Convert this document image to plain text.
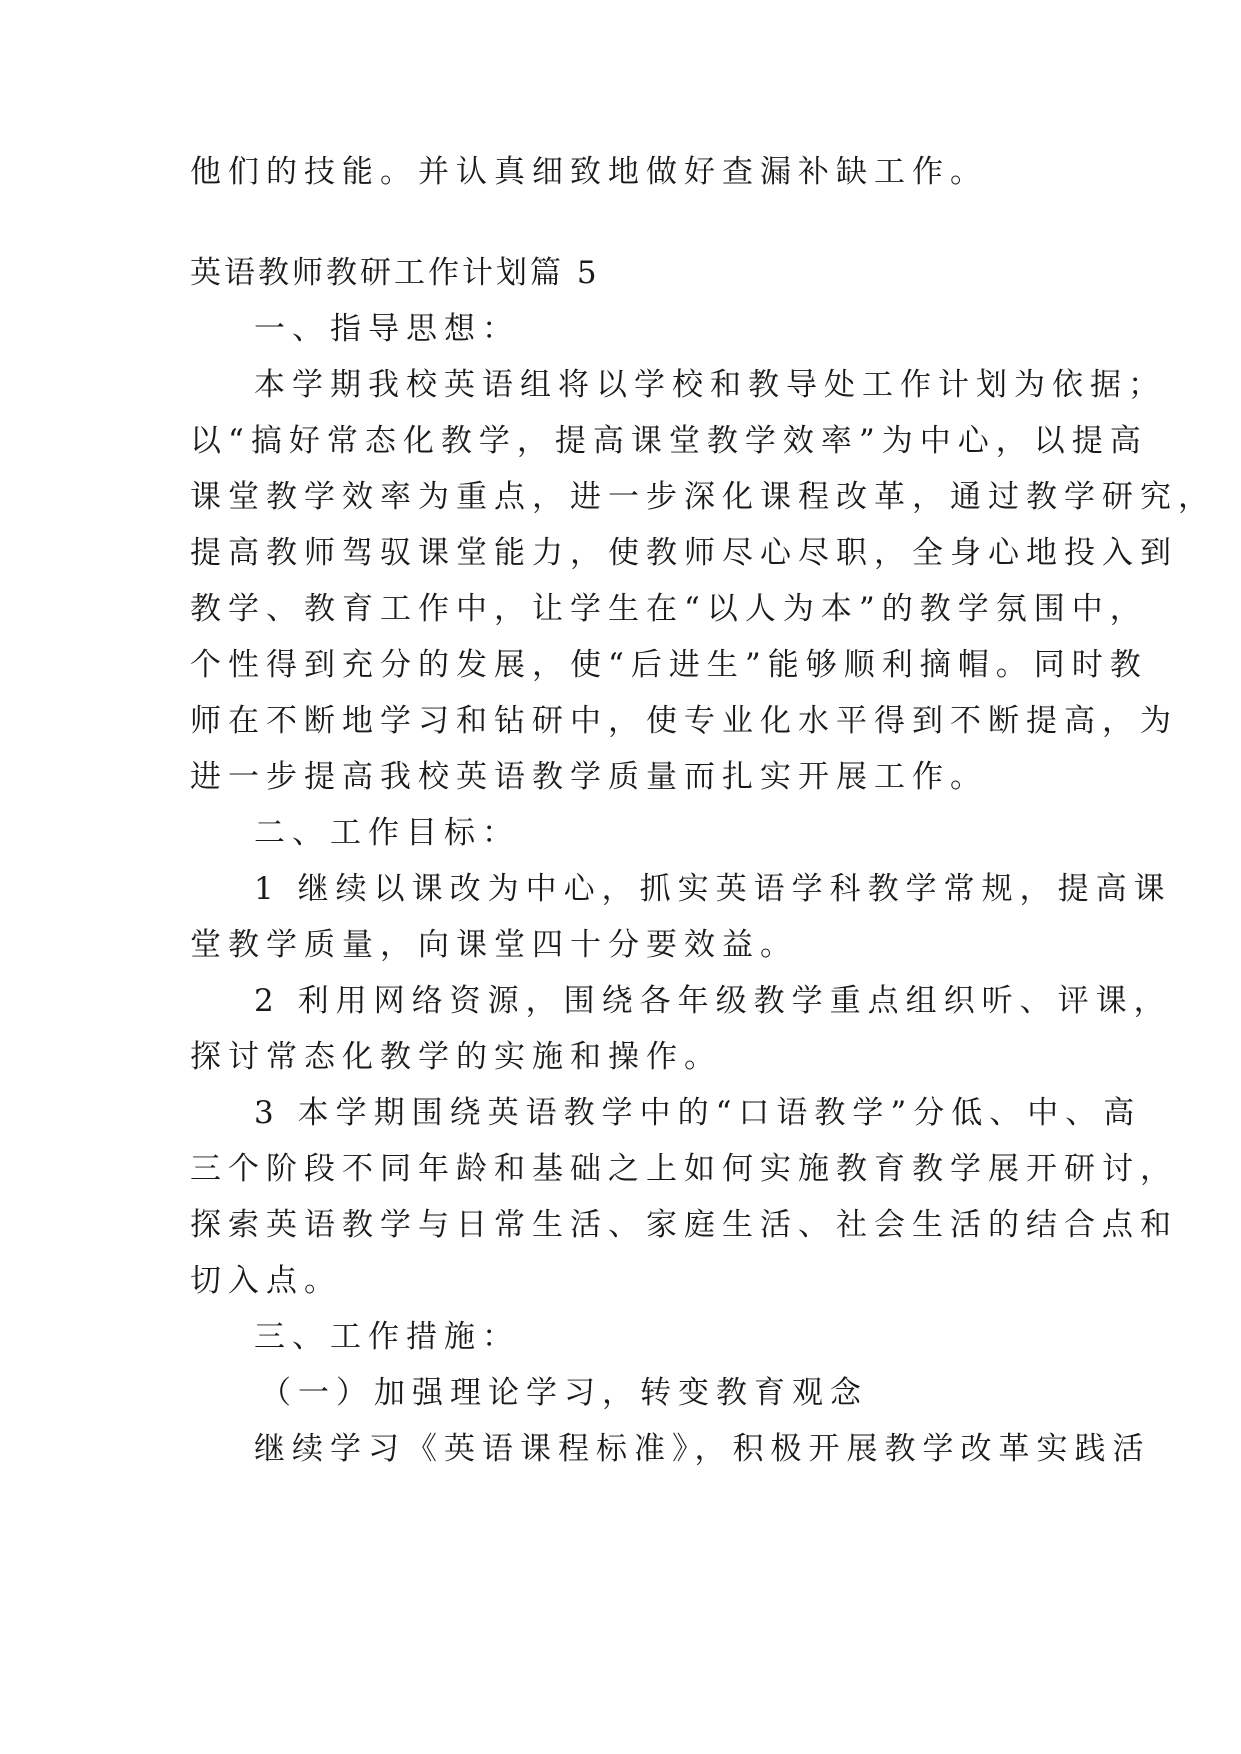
他们的技能。并认真细致地做好查漏补缺工作。
英语教师教研工作计划篇 5
一、指导思想：
本学期我校英语组将以学校和教导处工作计划为依据；
以“搞好常态化教学，提高课堂教学效率”为中心，以提高
课堂教学效率为重点，进一步深化课程改革，通过教学研究，
提高教师驾驭课堂能力，使教师尽心尽职，全身心地投入到
教学、教育工作中，让学生在“以人为本”的教学氛围中，
个性得到充分的发展，使“后进生”能够顺利摘帽。同时教
师在不断地学习和钻研中，使专业化水平得到不断提高，为
进一步提高我校英语教学质量而扎实开展工作。
二、工作目标：
1 继续以课改为中心，抓实英语学科教学常规，提高课
堂教学质量，向课堂四十分要效益。
2 利用网络资源，围绕各年级教学重点组织听、评课，
探讨常态化教学的实施和操作。
3 本学期围绕英语教学中的“口语教学”分低、中、高
三个阶段不同年龄和基础之上如何实施教育教学展开研讨，
探索英语教学与日常生活、家庭生活、社会生活的结合点和
切入点。
三、工作措施：
（一）加强理论学习，转变教育观念
继续学习《英语课程标准》，积极开展教学改革实践活
